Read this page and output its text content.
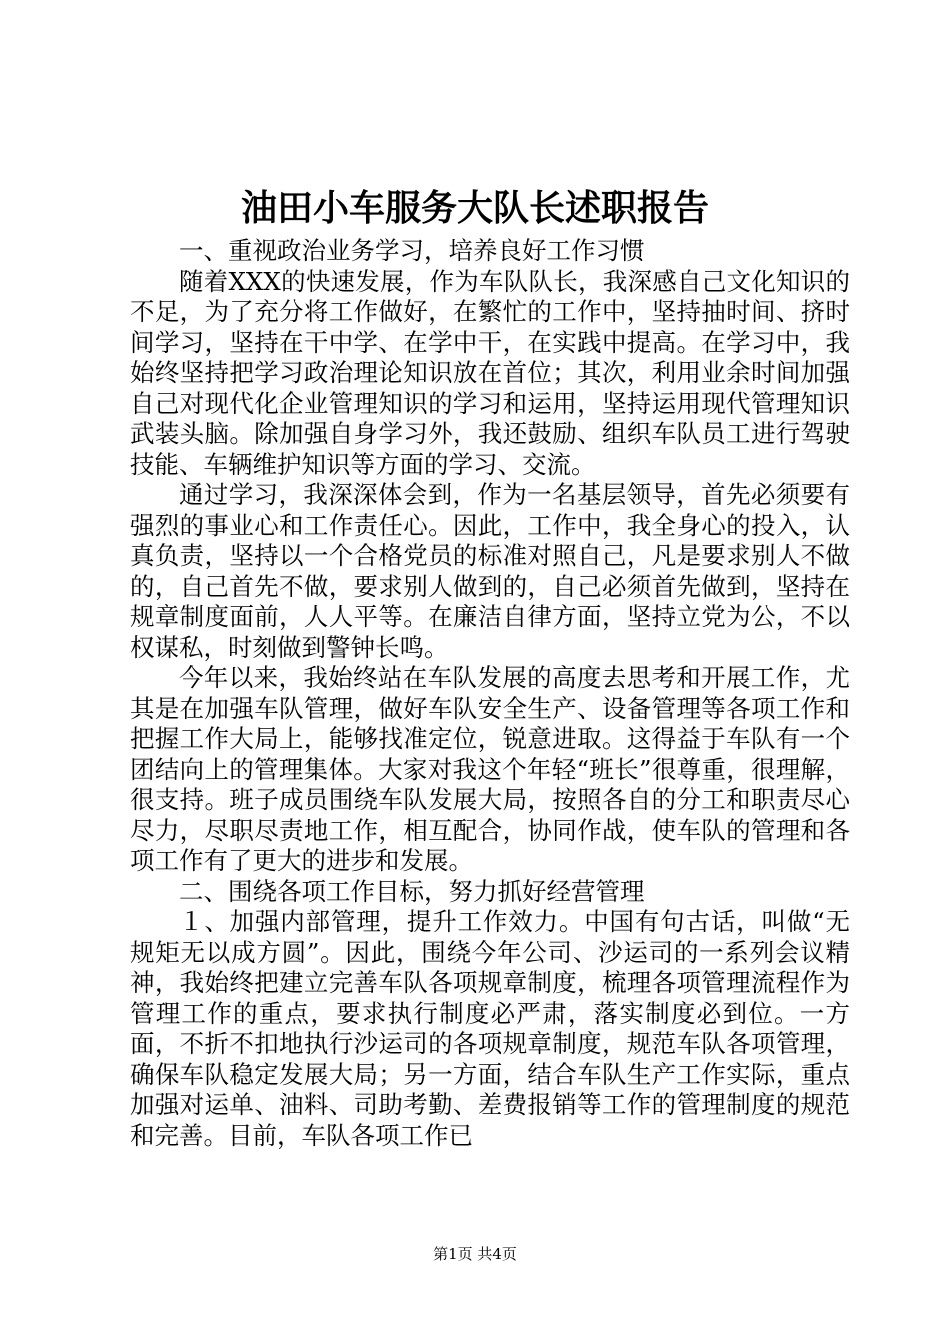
油田小车服务大队长述职报告

一、重视政治业务学习，培养良好工作习惯

随着XXX的快速发展，作为车队队长，我深感自己文化知识的不足，为了充分将工作做好，在繁忙的工作中，坚持抽时间、挤时间学习，坚持在干中学、在学中干，在实践中提高。在学习中，我始终坚持把学习政治理论知识放在首位；其次，利用业余时间加强自己对现代化企业管理知识的学习和运用，坚持运用现代管理知识武装头脑。除加强自身学习外，我还鼓励、组织车队员工进行驾驶技能、车辆维护知识等方面的学习、交流。

通过学习，我深深体会到，作为一名基层领导，首先必须要有强烈的事业心和工作责任心。因此，工作中，我全身心的投入，认真负责，坚持以一个合格党员的标准对照自己，凡是要求别人不做的，自己首先不做，要求别人做到的，自己必须首先做到，坚持在规章制度面前，人人平等。在廉洁自律方面，坚持立党为公，不以权谋私，时刻做到警钟长鸣。

今年以来，我始终站在车队发展的高度去思考和开展工作，尤其是在加强车队管理，做好车队安全生产、设备管理等各项工作和把握工作大局上，能够找准定位，锐意进取。这得益于车队有一个团结向上的管理集体。大家对我这个年轻“班长”很尊重，很理解，很支持。班子成员围绕车队发展大局，按照各自的分工和职责尽心尽力，尽职尽责地工作，相互配合，协同作战，使车队的管理和各项工作有了更大的进步和发展。

二、围绕各项工作目标，努力抓好经营管理

１、加强内部管理，提升工作效力。中国有句古话，叫做“无规矩无以成方圆”。因此，围绕今年公司、沙运司的一系列会议精神，我始终把建立完善车队各项规章制度，梳理各项管理流程作为管理工作的重点，要求执行制度必严肃，落实制度必到位。一方面，不折不扣地执行沙运司的各项规章制度，规范车队各项管理，确保车队稳定发展大局；另一方面，结合车队生产工作实际，重点加强对运单、油料、司助考勤、差费报销等工作的管理制度的规范和完善。目前，车队各项工作已

第1页 共4页
